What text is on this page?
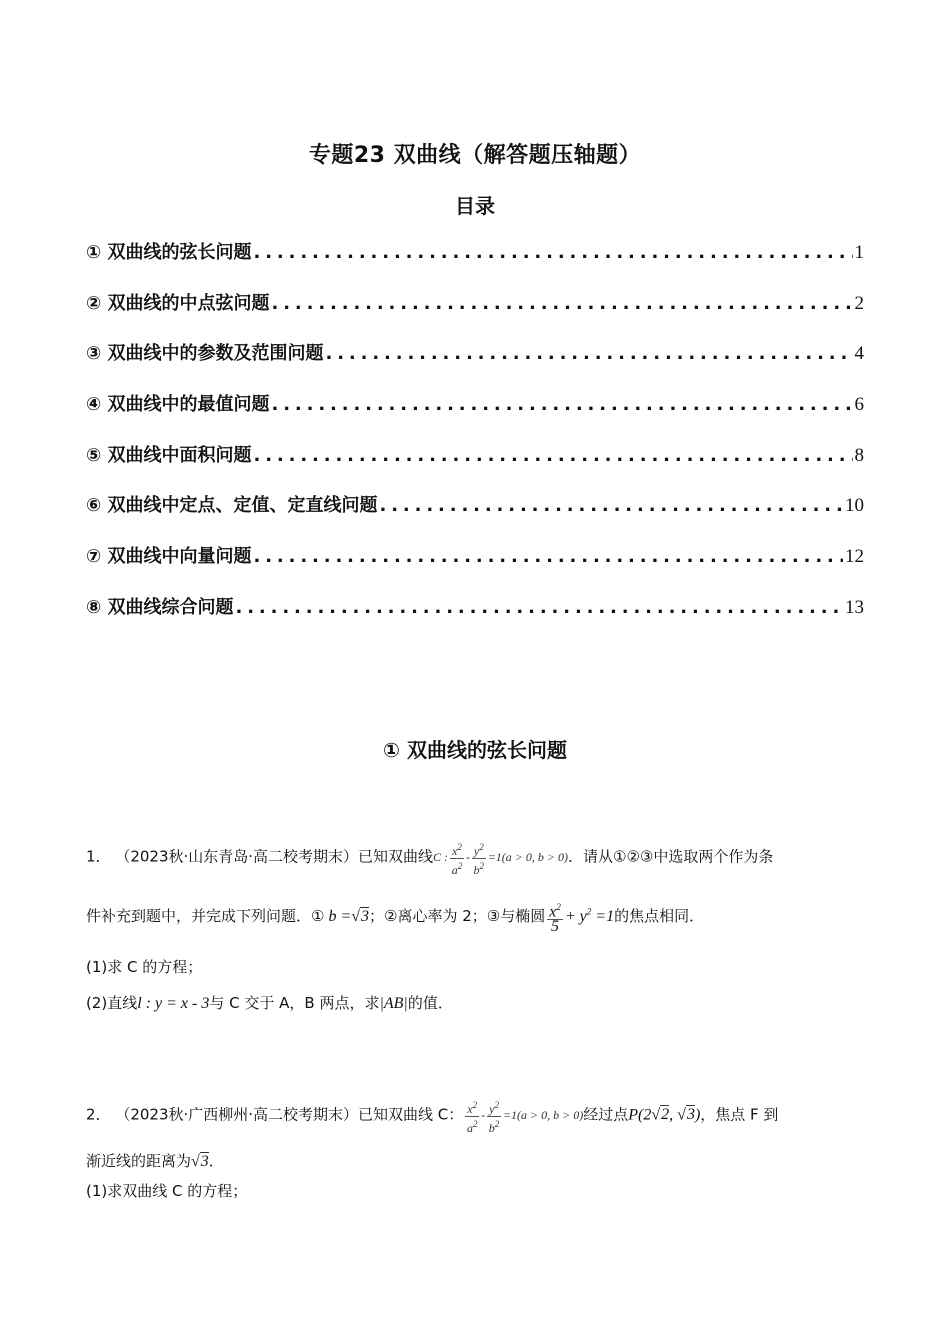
专题23 双曲线（解答题压轴题）
目录
① 双曲线的弦长问题 . . .	1
② 双曲线的中点弦问题 . . .	2
③ 双曲线中的参数及范围问题 . . .	4
④ 双曲线中的最值问题 . . .	6
⑤ 双曲线中面积问题 . . .	8
⑥ 双曲线中定点、定值、定直线问题 . . .	10
⑦ 双曲线中向量问题 . . .	12
⑧ 双曲线综合问题 . . .	13
① 双曲线的弦长问题
1． （2023秋·山东青岛·高二校考期末）已知双曲线C : $\frac{x^2}{a^2} - \frac{y^2}{b^2} =1(a > 0$, b > 0)．请从①②③中选取两个作为条
件补充到题中，并完成下列问题．① b =√3；②离心率为 2；③与椭圆 $\frac{x^2}{5} + y^2 =1$的焦点相同．
(1)求 C 的方程；
(2)直线l : y = x - 3与 C 交于 A，B 两点，求|AB|的值．
2． （2023秋·广西柳州·高二校考期末）已知双曲线 C： $\frac{x^2}{a^2} - \frac{y^2}{b^2} =1(a > 0$, b > 0)经过点P(2√2, √3)，焦点 F 到
渐近线的距离为√3．
(1)求双曲线 C 的方程；
